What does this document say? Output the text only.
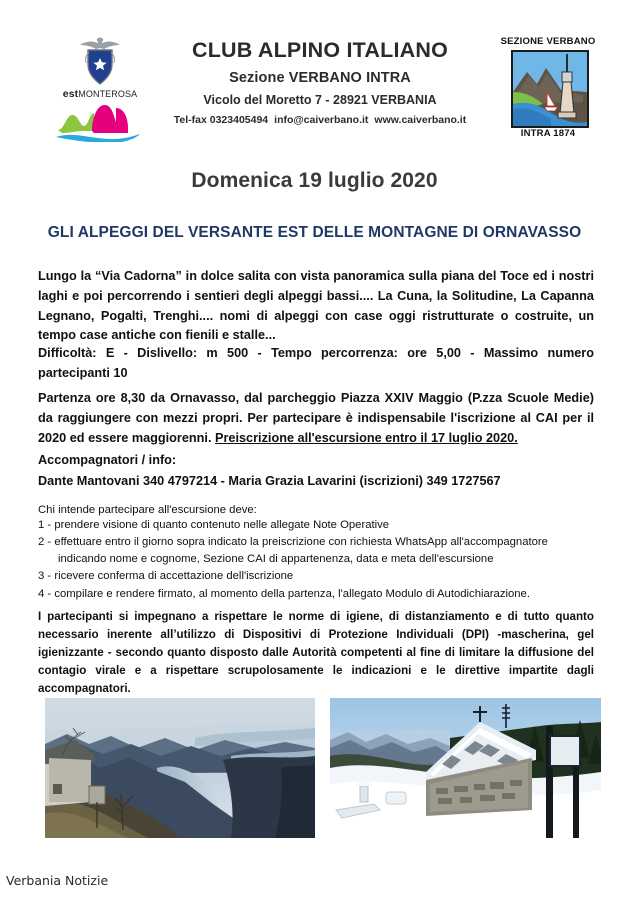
estMONTEROSA
CLUB ALPINO ITALIANO
Sezione VERBANO INTRA
Vicolo del Moretto 7 - 28921 VERBANIA
Tel-fax 0323405494 info@caiverbano.it www.caiverbano.it
SEZIONE VERBANO
INTRA 1874
Domenica 19 luglio 2020
GLI ALPEGGI DEL VERSANTE EST DELLE MONTAGNE DI ORNAVASSO
Lungo la “Via Cadorna” in dolce salita con vista panoramica sulla piana del Toce ed i nostri laghi e poi percorrendo i sentieri degli alpeggi bassi.... La Cuna, la Solitudine, La Capanna Legnano, Pogalti, Trenghi.... nomi di alpeggi con case oggi ristrutturate o costruite, un tempo case antiche con fienili e stalle...
Difficoltà: E - Dislivello: m 500 - Tempo percorrenza: ore 5,00 - Massimo numero partecipanti 10
Partenza ore 8,30 da Ornavasso, dal parcheggio Piazza XXIV Maggio (P.zza Scuole Medie) da raggiungere con mezzi propri. Per partecipare è indispensabile l'iscrizione al CAI per il 2020 ed essere maggiorenni. Preiscrizione all'escursione entro il 17 luglio 2020.
Accompagnatori / info:
Dante Mantovani 340 4797214 - Maria Grazia Lavarini (iscrizioni) 349 1727567
Chi intende partecipare all'escursione deve:
1 - prendere visione di quanto contenuto nelle allegate Note Operative
2 - effettuare entro il giorno sopra indicato la preiscrizione con richiesta WhatsApp all'accompagnatore
indicando nome e cognome, Sezione CAI di appartenenza, data e meta dell'escursione
3 - ricevere conferma di accettazione dell'iscrizione
4 - compilare e rendere firmato, al momento della partenza, l'allegato Modulo di Autodichiarazione.
I partecipanti si impegnano a rispettare le norme di igiene, di distanziamento e di tutto quanto necessario inerente all’utilizzo di Dispositivi di Protezione Individuali (DPI) -mascherina, gel igienizzante - secondo quanto disposto dalle Autorità competenti al fine di limitare la diffusione del contagio virale e a rispettare scrupolosamente le indicazioni e le direttive impartite dagli accompagnatori.
Verbania Notizie
